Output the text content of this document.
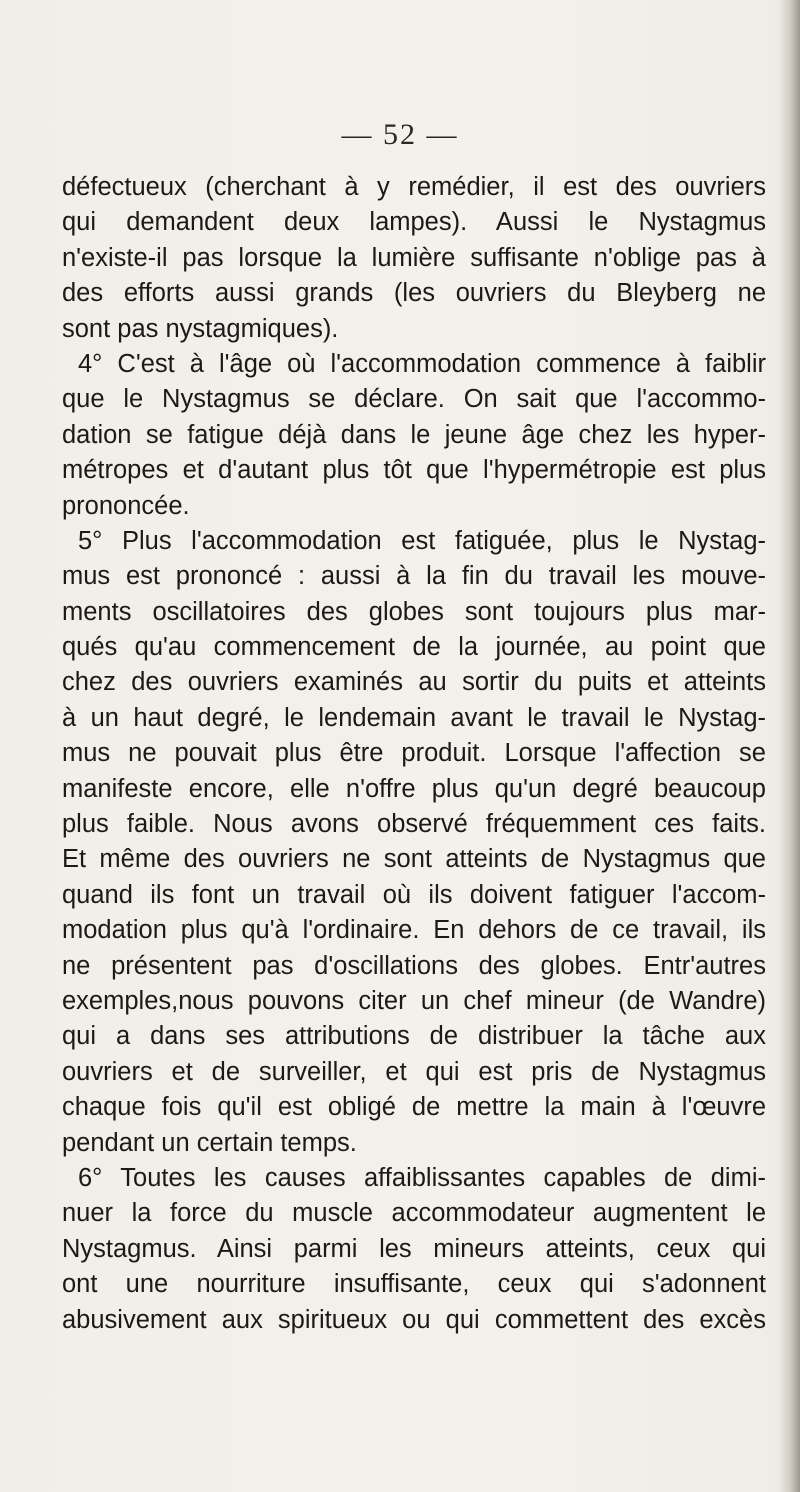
— 52 —
défectueux (cherchant à y remédier, il est des ouvriers
qui demandent deux lampes). Aussi le Nystagmus
n'existe-il pas lorsque la lumière suffisante n'oblige pas à
des efforts aussi grands (les ouvriers du Bleyberg ne
sont pas nystagmiques).
4° C'est à l'âge où l'accommodation commence à faiblir
que le Nystagmus se déclare. On sait que l'accommo-
dation se fatigue déjà dans le jeune âge chez les hyper-
métropes et d'autant plus tôt que l'hypermétropie est plus
prononcée.
5° Plus l'accommodation est fatiguée, plus le Nystag-
mus est prononcé : aussi à la fin du travail les mouve-
ments oscillatoires des globes sont toujours plus mar-
qués qu'au commencement de la journée, au point que
chez des ouvriers examinés au sortir du puits et atteints
à un haut degré, le lendemain avant le travail le Nystag-
mus ne pouvait plus être produit. Lorsque l'affection se
manifeste encore, elle n'offre plus qu'un degré beaucoup
plus faible. Nous avons observé fréquemment ces faits.
Et même des ouvriers ne sont atteints de Nystagmus que
quand ils font un travail où ils doivent fatiguer l'accom-
modation plus qu'à l'ordinaire. En dehors de ce travail, ils
ne présentent pas d'oscillations des globes. Entr'autres
exemples,nous pouvons citer un chef mineur (de Wandre)
qui a dans ses attributions de distribuer la tâche aux
ouvriers et de surveiller, et qui est pris de Nystagmus
chaque fois qu'il est obligé de mettre la main à l'œuvre
pendant un certain temps.
6° Toutes les causes affaiblissantes capables de dimi-
nuer la force du muscle accommodateur augmentent le
Nystagmus. Ainsi parmi les mineurs atteints, ceux qui
ont une nourriture insuffisante, ceux qui s'adonnent
abusivement aux spiritueux ou qui commettent des excès
